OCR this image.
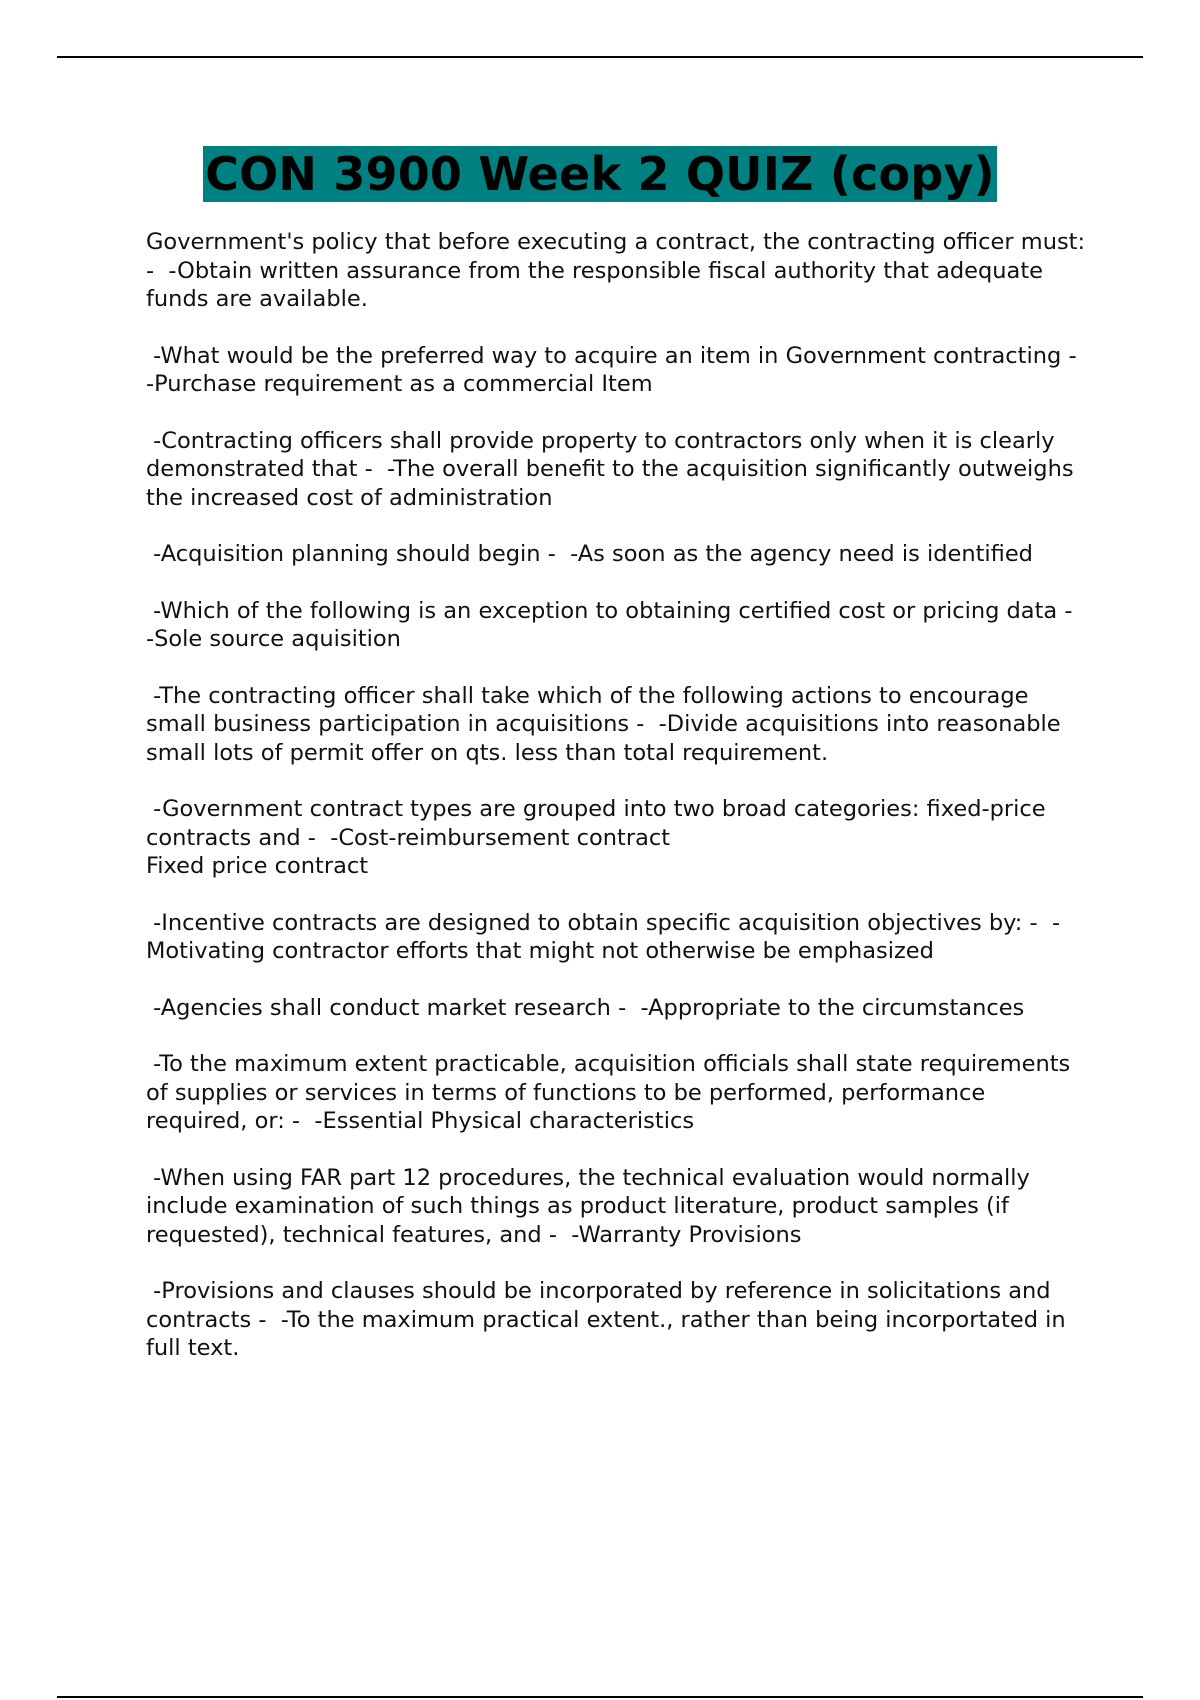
CON 3900 Week 2 QUIZ (copy)

Government's policy that before executing a contract, the contracting officer must: -  -Obtain written assurance from the responsible fiscal authority that adequate funds are available.

-What would be the preferred way to acquire an item in Government contracting -  -Purchase requirement as a commercial Item

-Contracting officers shall provide property to contractors only when it is clearly demonstrated that -  -The overall benefit to the acquisition significantly outweighs the increased cost of administration

-Acquisition planning should begin -  -As soon as the agency need is identified

-Which of the following is an exception to obtaining certified cost or pricing data -  -Sole source aquisition

-The contracting officer shall take which of the following actions to encourage small business participation in acquisitions -  -Divide acquisitions into reasonable small lots of permit offer on qts. less than total requirement.

-Government contract types are grouped into two broad categories: fixed-price contracts and -  -Cost-reimbursement contract
Fixed price contract

-Incentive contracts are designed to obtain specific acquisition objectives by: -  -Motivating contractor efforts that might not otherwise be emphasized

-Agencies shall conduct market research -  -Appropriate to the circumstances

-To the maximum extent practicable, acquisition officials shall state requirements of supplies or services in terms of functions to be performed, performance required, or: -  -Essential Physical characteristics

-When using FAR part 12 procedures, the technical evaluation would normally include examination of such things as product literature, product samples (if requested), technical features, and -  -Warranty Provisions

-Provisions and clauses should be incorporated by reference in solicitations and contracts -  -To the maximum practical extent., rather than being incorportated in full text.
